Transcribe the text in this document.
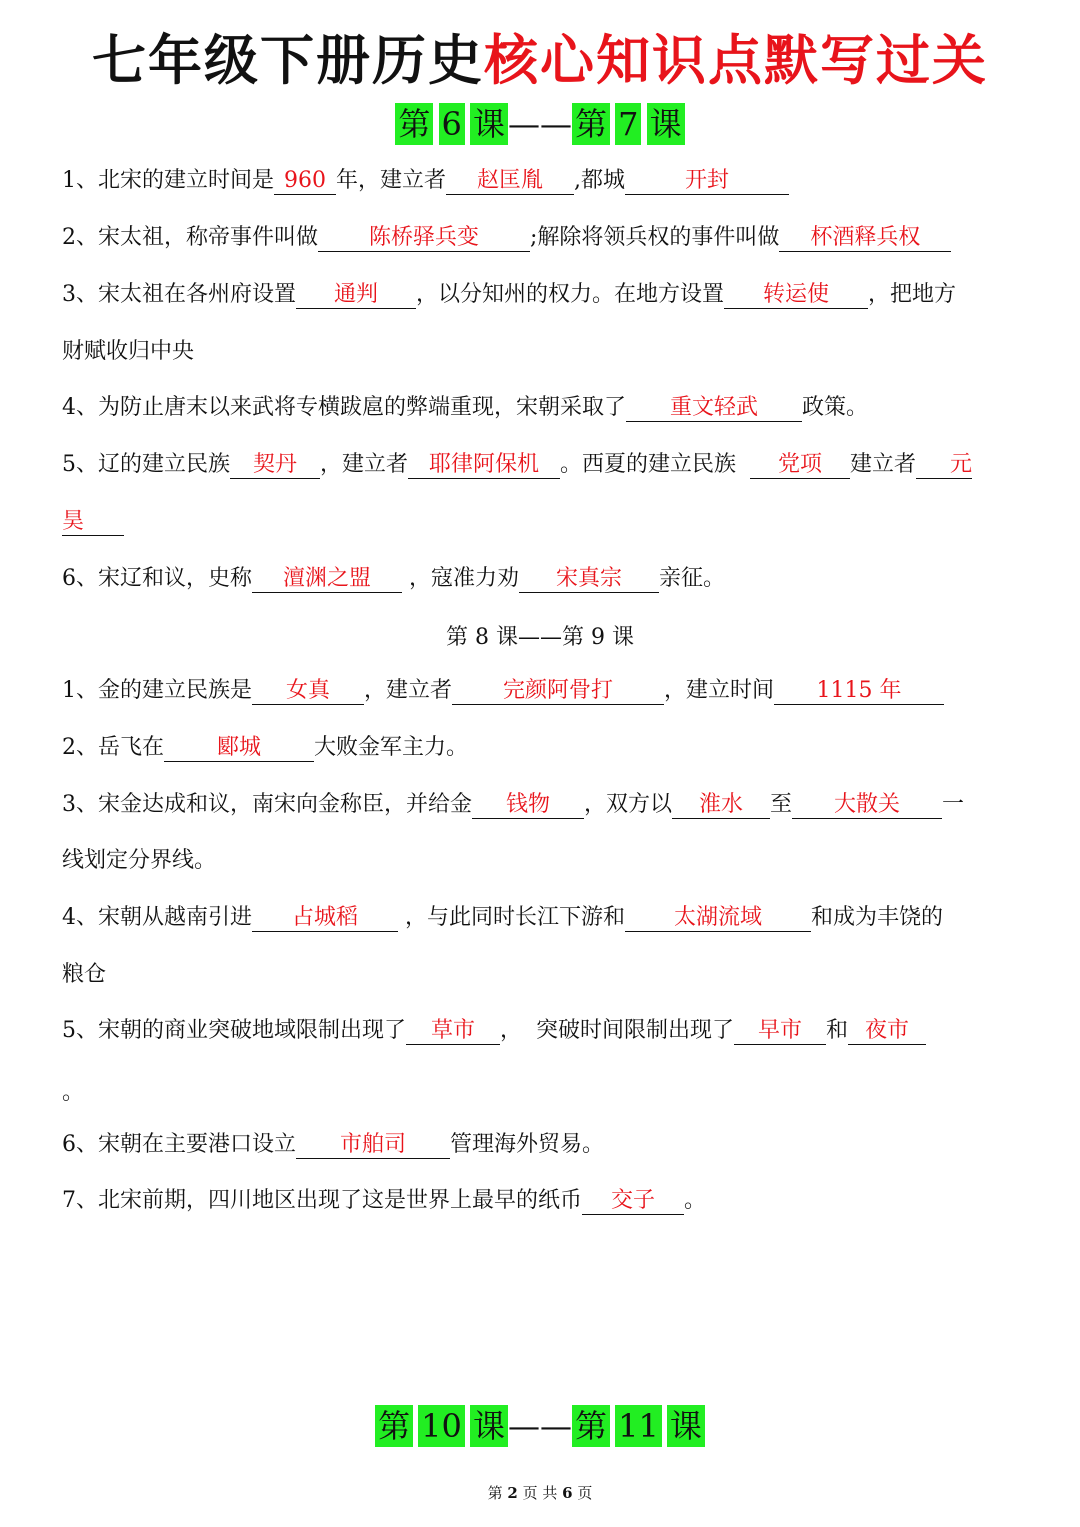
七年级下册历史核心知识点默写过关
第 6 课——第 7 课
1、北宋的建立时间是 960 年，建立者 赵匡胤 ,都城	开封
2、宋太祖，称帝事件叫做 陈桥驿兵变 ;解除将领兵权的事件叫做 杯酒释兵权
3、宋太祖在各州府设置 通判 ，以分知州的权力。在地方设置 转运使 ，把地方
财赋收归中央
4、为防止唐末以来武将专横跋扈的弊端重现，宋朝采取了 重文轻武 政策。
5、辽的建立民族 契丹 ，建立者 耶律阿保机 。西夏的建立民族 党项 建立者 元
昊
6、宋辽和议，史称 澶渊之盟 ，寇准力劝 宋真宗 亲征。
第 8 课——第 9 课
1、金的建立民族是 女真 ，建立者 完颜阿骨打 ，建立时间 1115 年
2、岳飞在 郾城 大败金军主力。
3、宋金达成和议，南宋向金称臣，并给金 钱物 ，双方以 淮水 至 大散关 一
线划定分界线。
4、宋朝从越南引进 占城稻 ，与此同时长江下游和 太湖流域 和成为丰饶的
粮仓
5、宋朝的商业突破地域限制出现了 草市 ，  突破时间限制出现了 早市 和 夜市
。
6、宋朝在主要港口设立 市舶司 管理海外贸易。
7、北宋前期，四川地区出现了这是世界上最早的纸币 交子 。
第 10 课——第 11 课
第 2 页 共 6 页
